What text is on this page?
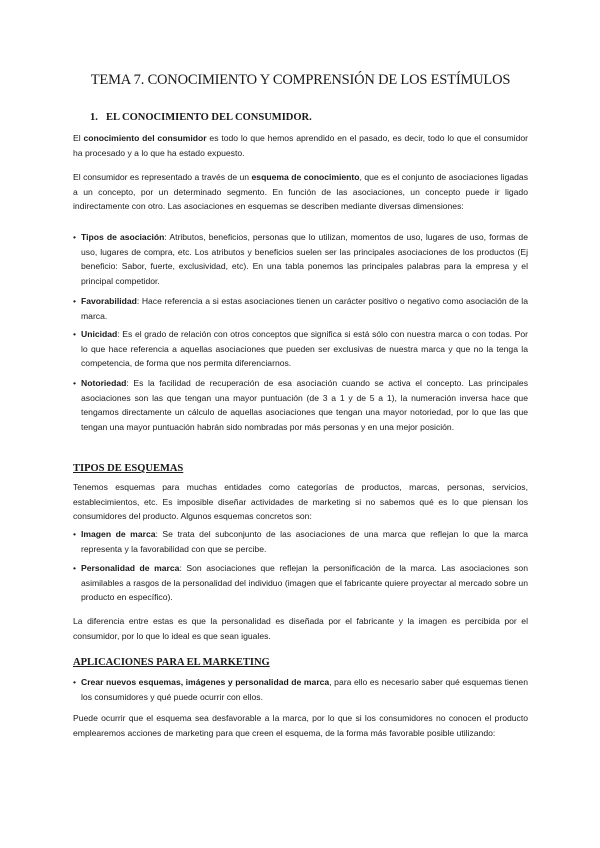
TEMA 7. CONOCIMIENTO Y COMPRENSIÓN DE LOS ESTÍMULOS
1. EL CONOCIMIENTO DEL CONSUMIDOR.
El conocimiento del consumidor es todo lo que hemos aprendido en el pasado, es decir, todo lo que el consumidor ha procesado y a lo que ha estado expuesto.
El consumidor es representado a través de un esquema de conocimiento, que es el conjunto de asociaciones ligadas a un concepto, por un determinado segmento. En función de las asociaciones, un concepto puede ir ligado indirectamente con otro. Las asociaciones en esquemas se describen mediante diversas dimensiones:
• Tipos de asociación: Atributos, beneficios, personas que lo utilizan, momentos de uso, lugares de uso, formas de uso, lugares de compra, etc. Los atributos y beneficios suelen ser las principales asociaciones de los productos (Ej beneficio: Sabor, fuerte, exclusividad, etc). En una tabla ponemos las principales palabras para la empresa y el principal competidor.
• Favorabilidad: Hace referencia a si estas asociaciones tienen un carácter positivo o negativo como asociación de la marca.
• Unicidad: Es el grado de relación con otros conceptos que significa si está sólo con nuestra marca o con todas. Por lo que hace referencia a aquellas asociaciones que pueden ser exclusivas de nuestra marca y que no la tenga la competencia, de forma que nos permita diferenciarnos.
• Notoriedad: Es la facilidad de recuperación de esa asociación cuando se activa el concepto. Las principales asociaciones son las que tengan una mayor puntuación (de 3 a 1 y de 5 a 1), la numeración inversa hace que tengamos directamente un cálculo de aquellas asociaciones que tengan una mayor notoriedad, por lo que las que tengan una mayor puntuación habrán sido nombradas por más personas y en una mejor posición.
TIPOS DE ESQUEMAS
Tenemos esquemas para muchas entidades como categorías de productos, marcas, personas, servicios, establecimientos, etc. Es imposible diseñar actividades de marketing si no sabemos qué es lo que piensan los consumidores del producto. Algunos esquemas concretos son:
• Imagen de marca: Se trata del subconjunto de las asociaciones de una marca que reflejan lo que la marca representa y la favorabilidad con que se percibe.
• Personalidad de marca: Son asociaciones que reflejan la personificación de la marca. Las asociaciones son asimilables a rasgos de la personalidad del individuo (imagen que el fabricante quiere proyectar al mercado sobre un producto en específico).
La diferencia entre estas es que la personalidad es diseñada por el fabricante y la imagen es percibida por el consumidor, por lo que lo ideal es que sean iguales.
APLICACIONES PARA EL MARKETING
• Crear nuevos esquemas, imágenes y personalidad de marca, para ello es necesario saber qué esquemas tienen los consumidores y qué puede ocurrir con ellos.
Puede ocurrir que el esquema sea desfavorable a la marca, por lo que si los consumidores no conocen el producto emplearemos acciones de marketing para que creen el esquema, de la forma más favorable posible utilizando:
